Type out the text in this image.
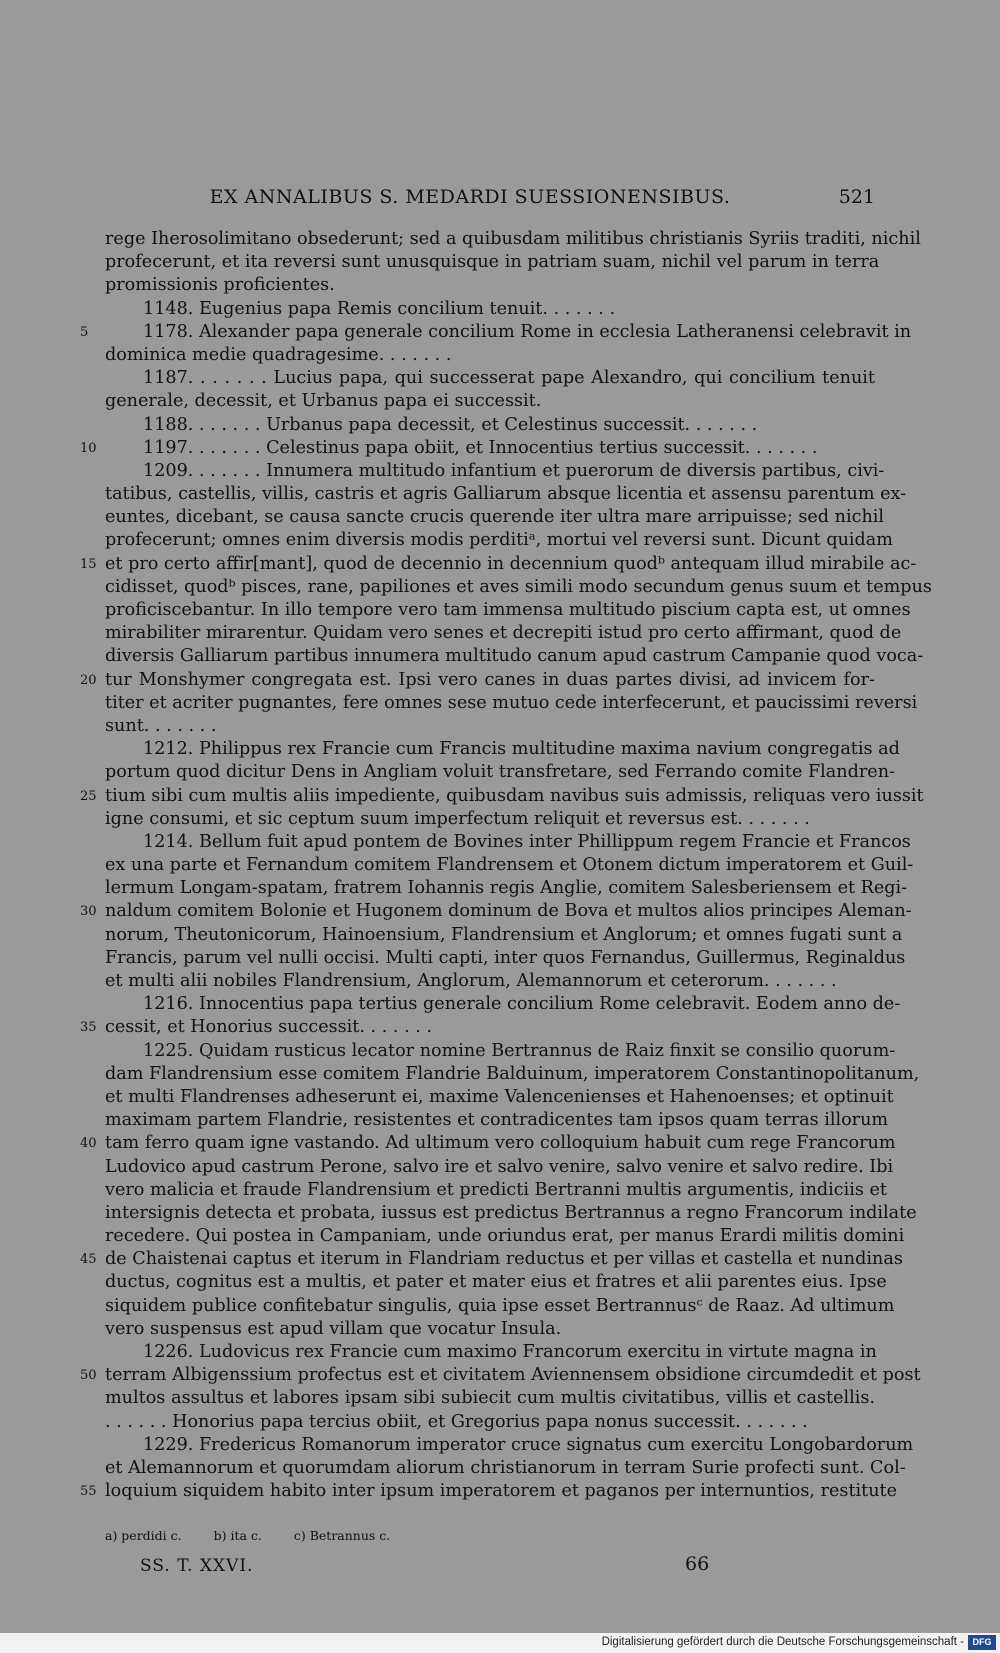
EX ANNALIBUS S. MEDARDI SUESSIONENSIBUS.	521
rege Iherosolimitano obsederunt; sed a quibusdam militibus christianis Syriis traditi, nichil
profecerunt, et ita reversi sunt unusquisque in patriam suam, nichil vel parum in terra
promissionis proficientes.
1148. Eugenius papa Remis concilium tenuit. . . . . . .
5	1178. Alexander papa generale concilium Rome in ecclesia Latheranensi celebravit in
dominica medie quadragesime. . . . . . .
1187. . . . . . . Lucius papa, qui successerat pape Alexandro, qui concilium tenuit
generale, decessit, et Urbanus papa ei successit.
1188. . . . . . . Urbanus papa decessit, et Celestinus successit. . . . . . .
10	1197. . . . . . . Celestinus papa obiit, et Innocentius tertius successit. . . . . . .
1209. . . . . . . Innumera multitudo infantium et puerorum de diversis partibus, civi-
tatibus, castellis, villis, castris et agris Galliarum absque licentia et assensu parentum ex-
euntes, dicebant, se causa sancte crucis querende iter ultra mare arripuisse; sed nichil
profecerunt; omnes enim diversis modis perditiᵃ, mortui vel reversi sunt. Dicunt quidam
15 et pro certo affir[mant], quod de decennio in decennium quodᵇ antequam illud mirabile ac-
cidisset, quodᵇ pisces, rane, papiliones et aves simili modo secundum genus suum et tempus
proficiscebantur. In illo tempore vero tam immensa multitudo piscium capta est, ut omnes
mirabiliter mirarentur. Quidam vero senes et decrepiti istud pro certo affirmant, quod de
diversis Galliarum partibus innumera multitudo canum apud castrum Campanie quod voca-
20 tur Monshymer congregata est. Ipsi vero canes in duas partes divisi, ad invicem for-
titer et acriter pugnantes, fere omnes sese mutuo cede interfecerunt, et paucissimi reversi
sunt. . . . . . .
1212. Philippus rex Francie cum Francis multitudine maxima navium congregatis ad
portum quod dicitur Dens in Angliam voluit transfretare, sed Ferrando comite Flandren-
25 tium sibi cum multis aliis impediente, quibusdam navibus suis admissis, reliquas vero iussit
igne consumi, et sic ceptum suum imperfectum reliquit et reversus est. . . . . . .
1214. Bellum fuit apud pontem de Bovines inter Phillippum regem Francie et Francos
ex una parte et Fernandum comitem Flandrensem et Otonem dictum imperatorem et Guil-
lermum Longam-spatam, fratrem Iohannis regis Anglie, comitem Salesberiensem et Regi-
30 naldum comitem Bolonie et Hugonem dominum de Bova et multos alios principes Aleman-
norum, Theutonicorum, Hainoensium, Flandrensium et Anglorum; et omnes fugati sunt a
Francis, parum vel nulli occisi. Multi capti, inter quos Fernandus, Guillermus, Reginaldus
et multi alii nobiles Flandrensium, Anglorum, Alemannorum et ceterorum. . . . . . .
1216. Innocentius papa tertius generale concilium Rome celebravit. Eodem anno de-
35 cessit, et Honorius successit. . . . . . .
1225. Quidam rusticus lecator nomine Bertrannus de Raiz finxit se consilio quorum-
dam Flandrensium esse comitem Flandrie Balduinum, imperatorem Constantinopolitanum,
et multi Flandrenses adheserunt ei, maxime Valencenienses et Hahenoenses; et optinuit
maximam partem Flandrie, resistentes et contradicentes tam ipsos quam terras illorum
40 tam ferro quam igne vastando. Ad ultimum vero colloquium habuit cum rege Francorum
Ludovico apud castrum Perone, salvo ire et salvo venire, salvo venire et salvo redire. Ibi
vero malicia et fraude Flandrensium et predicti Bertranni multis argumentis, indiciis et
intersignis detecta et probata, iussus est predictus Bertrannus a regno Francorum indilate
recedere. Qui postea in Campaniam, unde oriundus erat, per manus Erardi militis domini
45 de Chaistenai captus et iterum in Flandriam reductus et per villas et castella et nundinas
ductus, cognitus est a multis, et pater et mater eius et fratres et alii parentes eius. Ipse
siquidem publice confitebatur singulis, quia ipse esset Bertrannusᶜ de Raaz. Ad ultimum
vero suspensus est apud villam que vocatur Insula.
1226. Ludovicus rex Francie cum maximo Francorum exercitu in virtute magna in
50 terram Albigenssium profectus est et civitatem Aviennensem obsidione circumdedit et post
multos assultus et labores ipsam sibi subiecit cum multis civitatibus, villis et castellis.
. . . . . . Honorius papa tercius obiit, et Gregorius papa nonus successit. . . . . . .
1229. Fredericus Romanorum imperator cruce signatus cum exercitu Longobardorum
et Alemannorum et quorumdam aliorum christianorum in terram Surie profecti sunt. Col-
55 loquium siquidem habito inter ipsum imperatorem et paganos per internuntios, restitute
a) perdidi c.	b) ita c.	c) Betrannus c.
SS. T. XXVI.	66
Digitalisierung gefördert durch die Deutsche Forschungsgemeinschaft - DFG
